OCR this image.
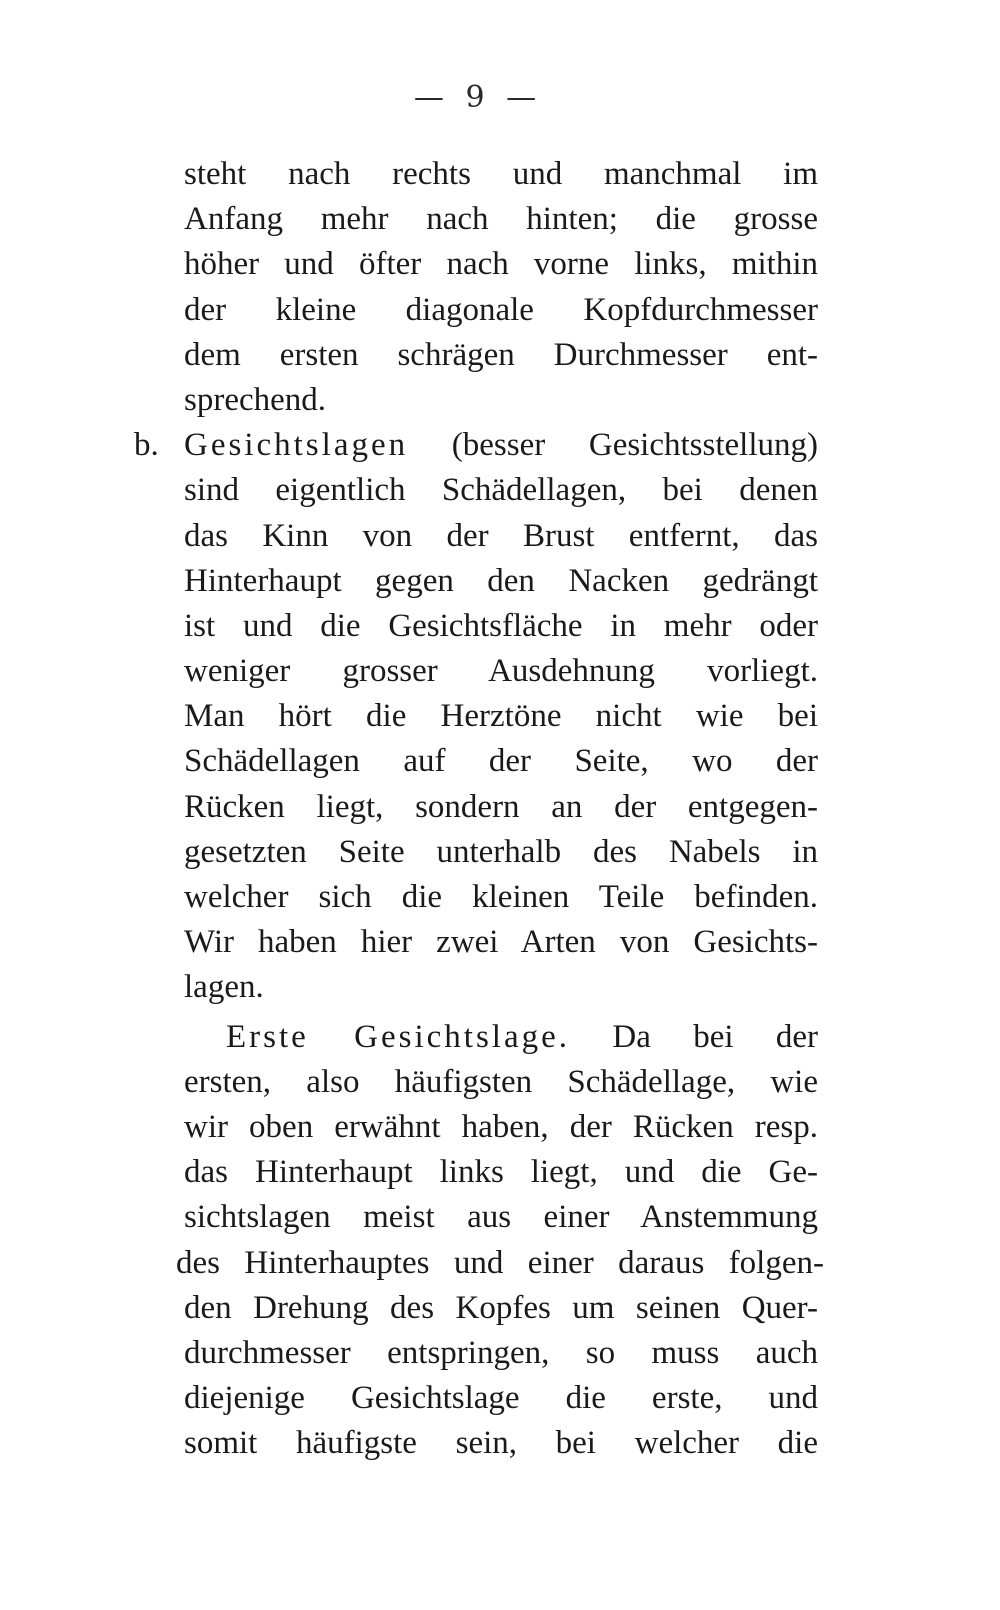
— 9 —
steht nach rechts und manchmal im
Anfang mehr nach hinten; die grosse
höher und öfter nach vorne links, mithin
der kleine diagonale Kopfdurchmesser
dem ersten schrägen Durchmesser ent-
sprechend.
b. Gesichtslagen (besser Gesichtsstellung)
sind eigentlich Schädellagen, bei denen
das Kinn von der Brust entfernt, das
Hinterhaupt gegen den Nacken gedrängt
ist und die Gesichtsfläche in mehr oder
weniger grosser Ausdehnung vorliegt.
Man hört die Herztöne nicht wie bei
Schädellagen auf der Seite, wo der
Rücken liegt, sondern an der entgegen-
gesetzten Seite unterhalb des Nabels in
welcher sich die kleinen Teile befinden.
Wir haben hier zwei Arten von Gesichts-
lagen.
Erste Gesichtslage. Da bei der
ersten, also häufigsten Schädellage, wie
wir oben erwähnt haben, der Rücken resp.
das Hinterhaupt links liegt, und die Ge-
sichtslagen meist aus einer Anstemmung
des Hinterhauptes und einer daraus folgen-
den Drehung des Kopfes um seinen Quer-
durchmesser entspringen, so muss auch
diejenige Gesichtslage die erste, und
somit häufigste sein, bei welcher die
